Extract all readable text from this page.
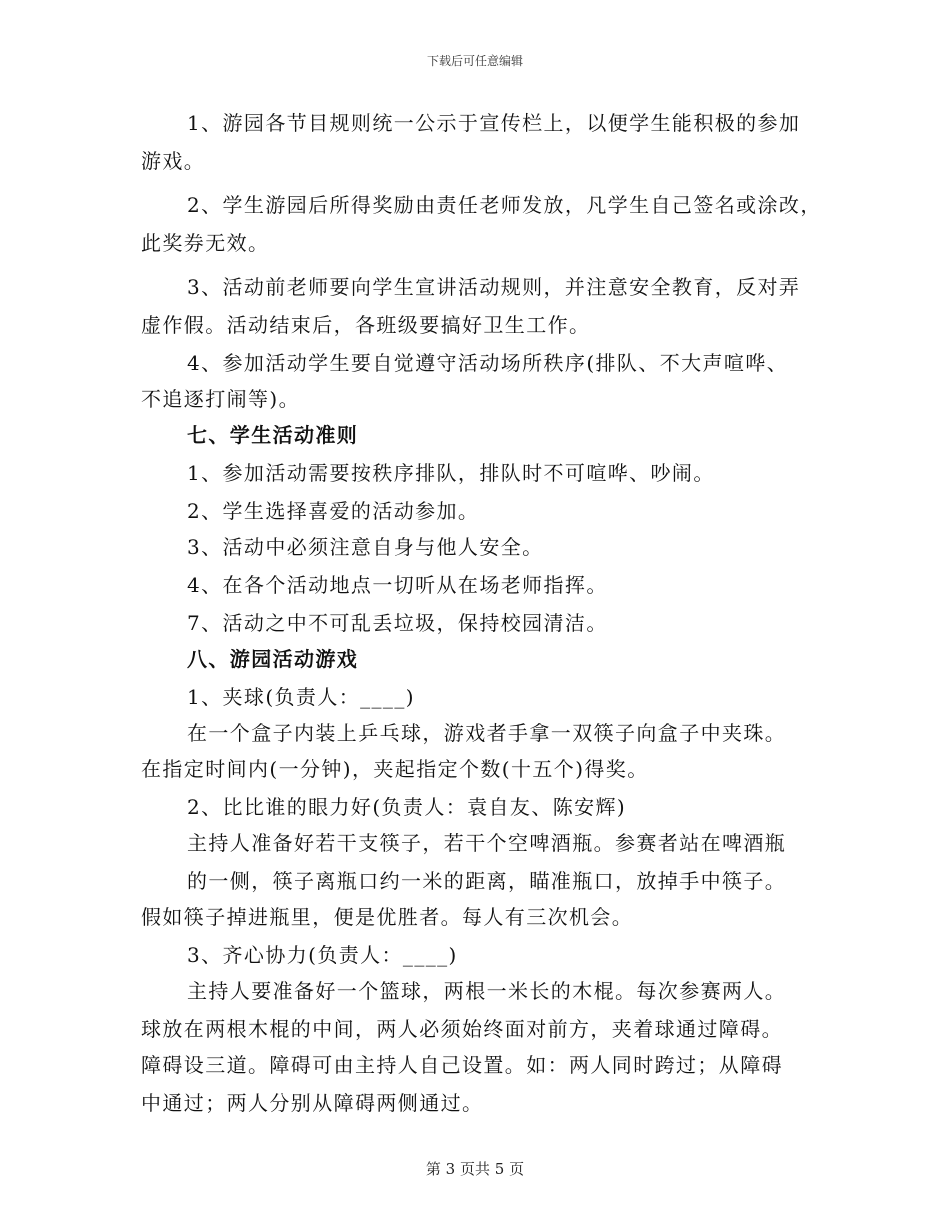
下载后可任意编辑
1、游园各节目规则统一公示于宣传栏上，以便学生能积极的参加
游戏。
2、学生游园后所得奖励由责任老师发放，凡学生自己签名或涂改，
此奖券无效。
3、活动前老师要向学生宣讲活动规则，并注意安全教育，反对弄
虚作假。活动结束后，各班级要搞好卫生工作。
4、参加活动学生要自觉遵守活动场所秩序(排队、不大声喧哗、
不追逐打闹等)。
七、学生活动准则
1、参加活动需要按秩序排队，排队时不可喧哗、吵闹。
2、学生选择喜爱的活动参加。
3、活动中必须注意自身与他人安全。
4、在各个活动地点一切听从在场老师指挥。
7、活动之中不可乱丢垃圾，保持校园清洁。
八、游园活动游戏
1、夹球(负责人：____)
在一个盒子内装上乒乓球，游戏者手拿一双筷子向盒子中夹珠。
在指定时间内(一分钟)，夹起指定个数(十五个)得奖。
2、比比谁的眼力好(负责人：袁自友、陈安辉)
主持人准备好若干支筷子，若干个空啤酒瓶。参赛者站在啤酒瓶
的一侧，筷子离瓶口约一米的距离，瞄准瓶口，放掉手中筷子。
假如筷子掉进瓶里，便是优胜者。每人有三次机会。
3、齐心协力(负责人：____)
主持人要准备好一个篮球，两根一米长的木棍。每次参赛两人。
球放在两根木棍的中间，两人必须始终面对前方，夹着球通过障碍。
障碍设三道。障碍可由主持人自己设置。如：两人同时跨过；从障碍
中通过；两人分别从障碍两侧通过。
第 3 页共 5 页
